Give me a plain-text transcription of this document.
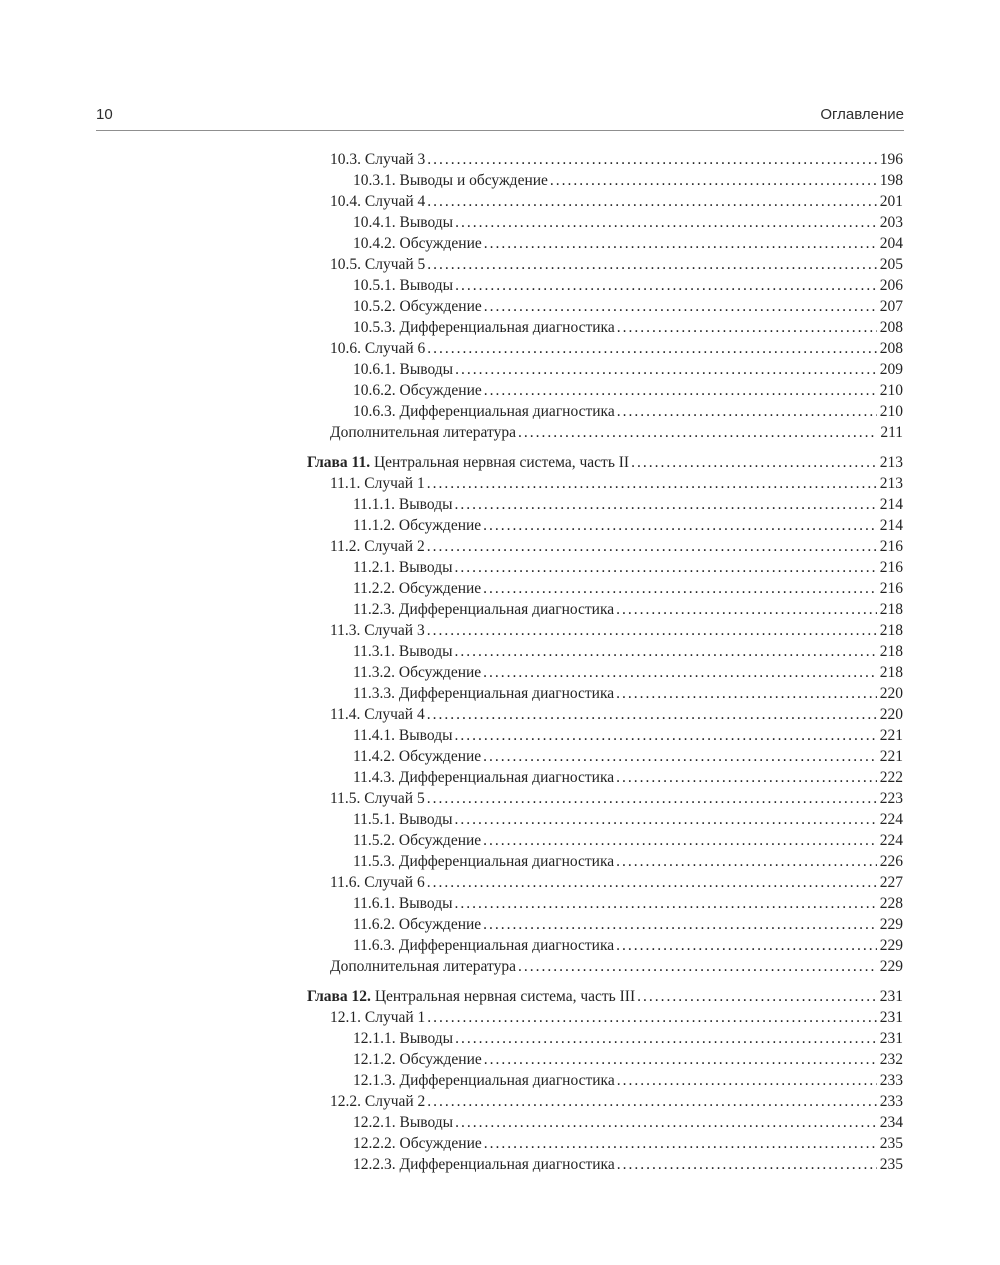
10	Оглавление
10.3. Случай 3 .....	196
10.3.1. Выводы и обсуждение .....	198
10.4. Случай 4 .....	201
10.4.1. Выводы .....	203
10.4.2. Обсуждение .....	204
10.5. Случай 5 .....	205
10.5.1. Выводы .....	206
10.5.2. Обсуждение .....	207
10.5.3. Дифференциальная диагностика .....	208
10.6. Случай 6 .....	208
10.6.1. Выводы .....	209
10.6.2. Обсуждение .....	210
10.6.3. Дифференциальная диагностика .....	210
Дополнительная литература .....	211
Глава 11. Центральная нервная система, часть II .....	213
11.1. Случай 1 .....	213
11.1.1. Выводы .....	214
11.1.2. Обсуждение .....	214
11.2. Случай 2 .....	216
11.2.1. Выводы .....	216
11.2.2. Обсуждение .....	216
11.2.3. Дифференциальная диагностика .....	218
11.3. Случай 3 .....	218
11.3.1. Выводы .....	218
11.3.2. Обсуждение .....	218
11.3.3. Дифференциальная диагностика .....	220
11.4. Случай 4 .....	220
11.4.1. Выводы .....	221
11.4.2. Обсуждение .....	221
11.4.3. Дифференциальная диагностика .....	222
11.5. Случай 5 .....	223
11.5.1. Выводы .....	224
11.5.2. Обсуждение .....	224
11.5.3. Дифференциальная диагностика .....	226
11.6. Случай 6 .....	227
11.6.1. Выводы .....	228
11.6.2. Обсуждение .....	229
11.6.3. Дифференциальная диагностика .....	229
Дополнительная литература .....	229
Глава 12. Центральная нервная система, часть III .....	231
12.1. Случай 1 .....	231
12.1.1. Выводы .....	231
12.1.2. Обсуждение .....	232
12.1.3. Дифференциальная диагностика .....	233
12.2. Случай 2 .....	233
12.2.1. Выводы .....	234
12.2.2. Обсуждение .....	235
12.2.3. Дифференциальная диагностика .....	235
